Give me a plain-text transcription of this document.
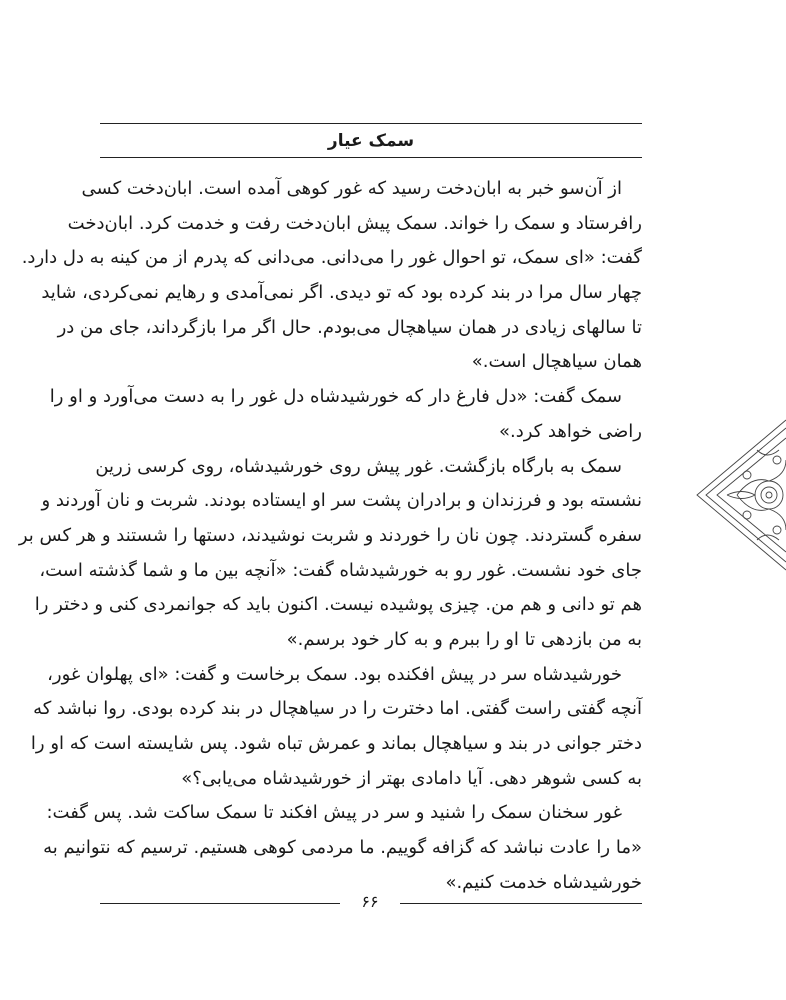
سمک عیار
از آن‌سو خبر به ابان‌دخت رسید که غور کوهی آمده است. ابان‌دخت کسی
رافرستاد و سمک را خواند. سمک پیش ابان‌دخت رفت و خدمت کرد. ابان‌دخت
گفت: «ای سمک، تو احوال غور را می‌دانی. می‌دانی که پدرم از من کینه به دل دارد.
چهار سال مرا در بند کرده بود که تو دیدی. اگر نمی‌آمدی و رهایم نمی‌کردی، شاید
تا سالهای زیادی در همان سیاهچال می‌بودم. حال اگر مرا بازگرداند، جای من در
همان سیاهچال است.»
سمک گفت: «دل فارغ دار که خورشیدشاه دل غور را به دست می‌آورد و او را
راضی خواهد کرد.»
سمک به بارگاه بازگشت. غور پیش روی خورشیدشاه، روی کرسی زرین
نشسته بود و فرزندان و برادران پشت سر او ایستاده بودند. شربت و نان آوردند و
سفره گستردند. چون نان را خوردند و شربت نوشیدند، دستها را شستند و هر کس بر
جای خود نشست. غور رو به خورشیدشاه گفت: «آنچه بین ما و شما گذشته است،
هم تو دانی و هم من. چیزی پوشیده نیست. اکنون باید که جوانمردی کنی و دختر را
به من بازدهی تا او را ببرم و به کار خود برسم.»
خورشیدشاه سر در پیش افکنده بود. سمک برخاست و گفت: «ای پهلوان غور،
آنچه گفتی راست گفتی. اما دخترت را در سیاهچال در بند کرده بودی. روا نباشد که
دختر جوانی در بند و سیاهچال بماند و عمرش تباه شود. پس شایسته است که او را
به کسی شوهر دهی. آیا دامادی بهتر از خورشیدشاه می‌یابی؟»
غور سخنان سمک را شنید و سر در پیش افکند تا سمک ساکت شد. پس گفت:
«ما را عادت نباشد که گزافه گوییم. ما مردمی کوهی هستیم. ترسیم که نتوانیم به
خورشیدشاه خدمت کنیم.»
۶۶
